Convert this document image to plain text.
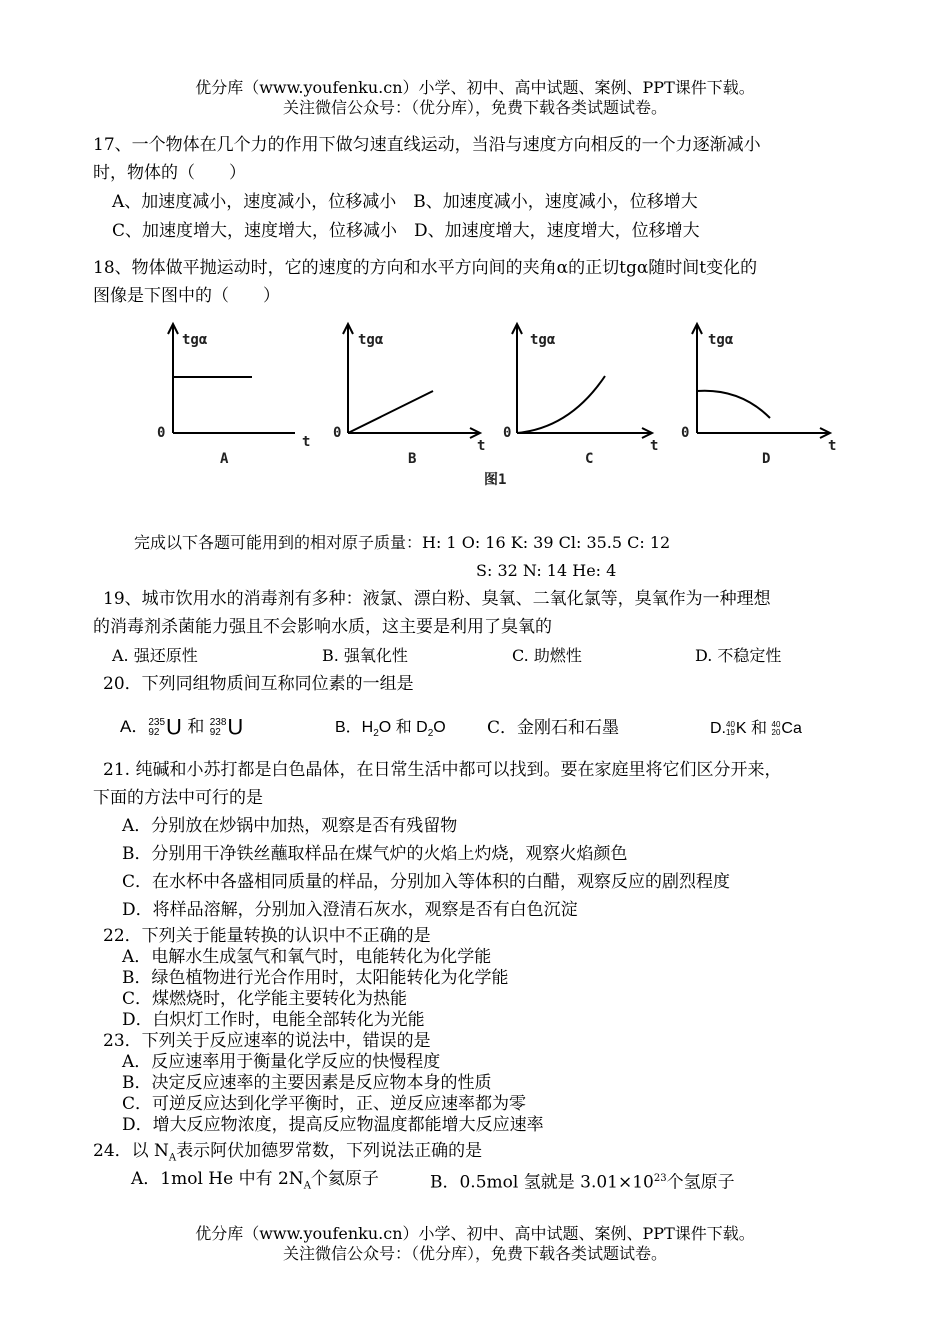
优分库（www.youfenku.cn）小学、初中、高中试题、案例、PPT课件下载。
关注微信公众号：（优分库），免费下载各类试题试卷。
17、一个物体在几个力的作用下做匀速直线运动，当沿与速度方向相反的一个力逐渐减小
时，物体的（　　）
A、加速度减小，速度减小，位移减小　B、加速度减小，速度减小，位移增大
C、加速度增大，速度增大，位移减小　D、加速度增大，速度增大，位移增大
18、物体做平抛运动时，它的速度的方向和水平方向间的夹角α的正切tgα随时间t变化的
图像是下图中的（　　）
tgα
0
t
A
tgα
0
t
B
tgα
0
t
C
tgα
0
t
D
图1
完成以下各题可能用到的相对原子质量：H: 1 O: 16 K: 39 Cl: 35.5 C: 12
S: 32 N: 14 He: 4
19、城市饮用水的消毒剂有多种：液氯、漂白粉、臭氧、二氧化氯等，臭氧作为一种理想
的消毒剂杀菌能力强且不会影响水质，这主要是利用了臭氧的
A. 强还原性	B. 强氧化性	C. 助燃性	D. 不稳定性
20．下列同组物质间互称同位素的一组是
A． 235
92 U 和 238
92 U	B．$H_2O$ 和 $D_2O$ C．金刚石和石墨	D. 40
19 K 和 40
20 Ca
21. 纯碱和小苏打都是白色晶体，在日常生活中都可以找到。要在家庭里将它们区分开来，
下面的方法中可行的是
A．分别放在炒锅中加热，观察是否有残留物
B．分别用干净铁丝蘸取样品在煤气炉的火焰上灼烧，观察火焰颜色
C．在水杯中各盛相同质量的样品，分别加入等体积的白醋，观察反应的剧烈程度
D．将样品溶解，分别加入澄清石灰水，观察是否有白色沉淀
22．下列关于能量转换的认识中不正确的是
A．电解水生成氢气和氧气时，电能转化为化学能
B．绿色植物进行光合作用时，太阳能转化为化学能
C．煤燃烧时，化学能主要转化为热能
D．白炽灯工作时，电能全部转化为光能
23．下列关于反应速率的说法中，错误的是
A．反应速率用于衡量化学反应的快慢程度
B．决定反应速率的主要因素是反应物本身的性质
C．可逆反应达到化学平衡时，正、逆反应速率都为零
D．增大反应物浓度，提高反应物温度都能增大反应速率
24．以 $N_A$表示阿伏加德罗常数，下列说法正确的是
A．1mol He 中有 $2N_A$个氦原子	B．0.5mol 氢就是 $3.01\times 10^{23}$个氢原子
优分库（www.youfenku.cn）小学、初中、高中试题、案例、PPT课件下载。
关注微信公众号：（优分库），免费下载各类试题试卷。
